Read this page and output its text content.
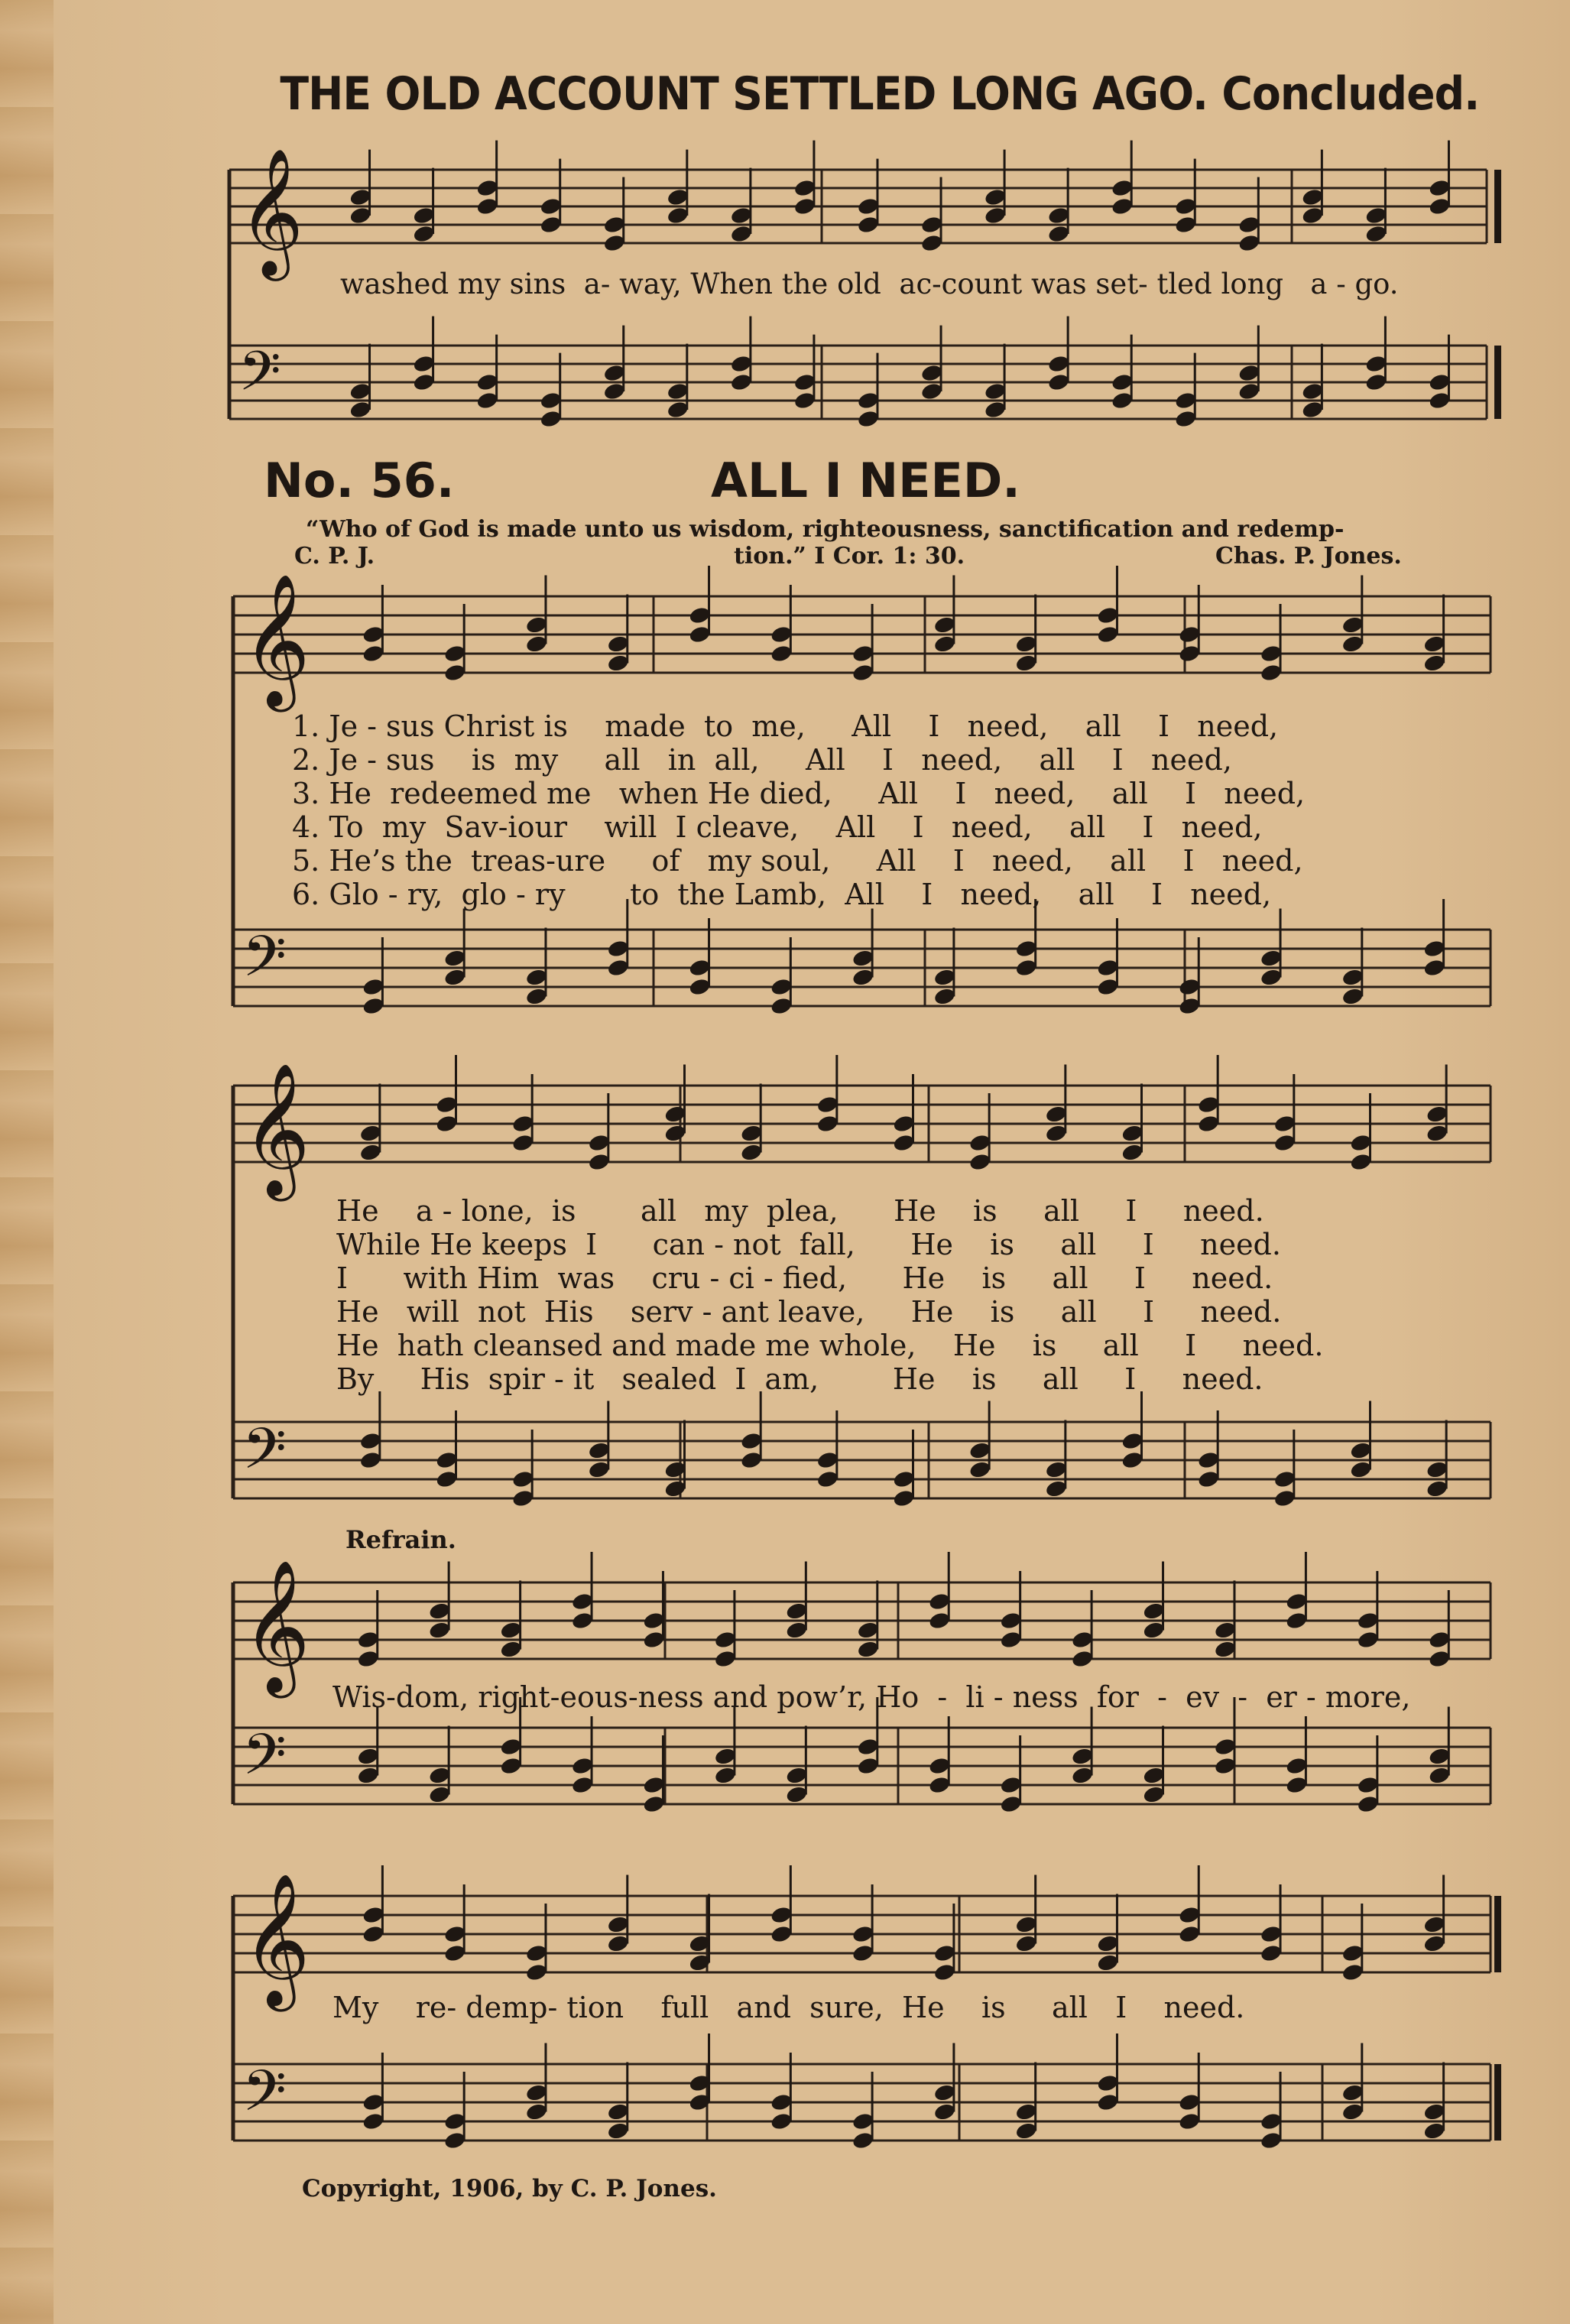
THE OLD ACCOUNT SETTLED LONG AGO. Concluded.
𝄞
𝄢
𝄞
𝄢
𝄞
𝄢
𝄞
𝄢
𝄞
𝄢
washed my sins  a- way, When the old  ac-count was set- tled long   a - go.
No. 56.	ALL I NEED.
“Who of God is made unto us wisdom, righteousness, sanctification and redemp-
C. P. J.	tion.” I Cor. 1: 30.	Chas. P. Jones.
1. Je - sus Christ is    made  to  me,     All    I   need,    all    I   need,
2. Je - sus    is  my     all   in  all,     All    I   need,    all    I   need,
3. He  redeemed me   when He died,     All    I   need,    all    I   need,
4. To  my  Sav-iour    will  I cleave,    All    I   need,    all    I   need,
5. He’s the  treas-ure     of   my soul,     All    I   need,    all    I   need,
6. Glo - ry,  glo - ry       to  the Lamb,  All    I   need,    all    I   need,
He    a - lone,  is       all   my  plea,      He    is     all     I     need.
While He keeps  I      can - not  fall,      He    is     all     I     need.
I      with Him  was    cru - ci - fied,      He    is     all     I     need.
He   will  not  His    serv - ant leave,     He    is     all     I     need.
He  hath cleansed and made me whole,    He    is     all     I     need.
By     His  spir - it   sealed  I  am,        He    is     all     I     need.
Refrain.
Wis-dom, right-eous-ness and pow’r, Ho  -  li - ness  for  -  ev  -  er - more,
My    re- demp- tion    full   and  sure,  He    is     all   I    need.
Copyright, 1906, by C. P. Jones.
